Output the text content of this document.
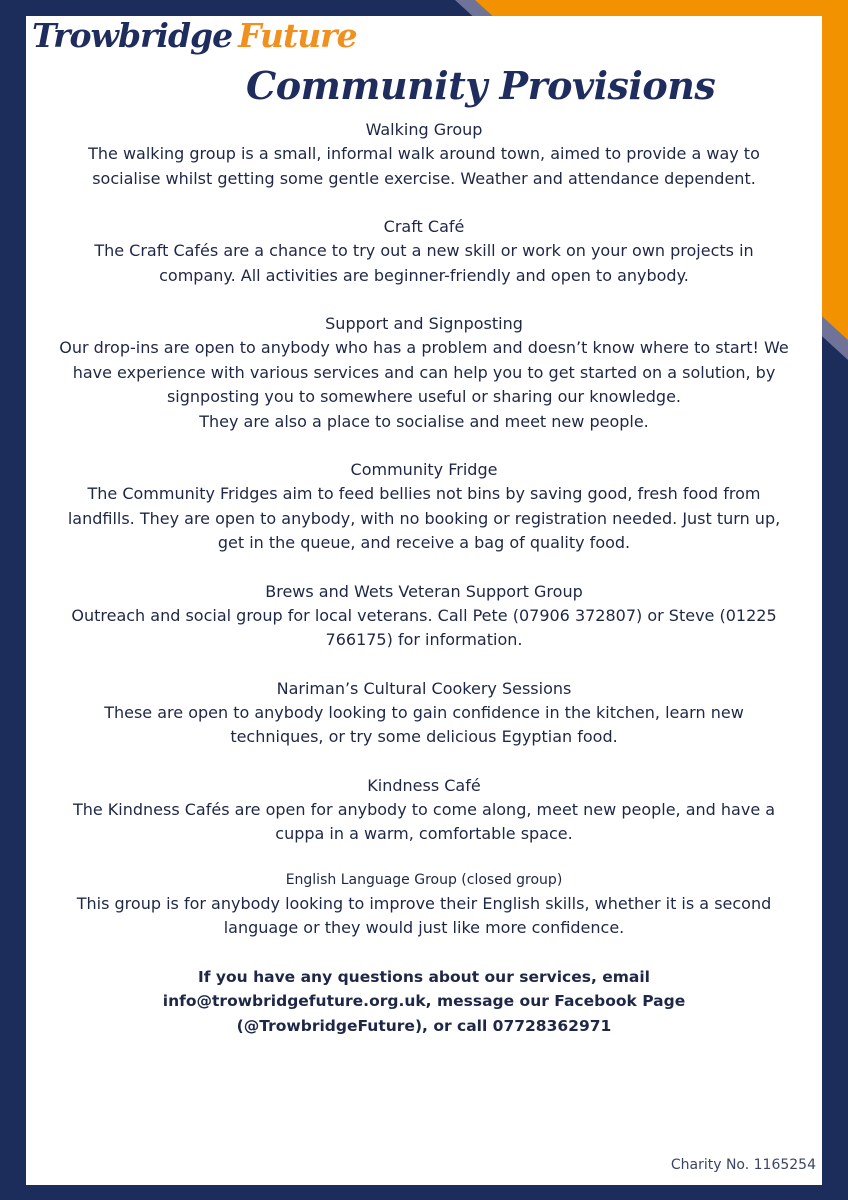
Trowbridge Future
Community Provisions
Walking Group
The walking group is a small, informal walk around town, aimed to provide a way to socialise whilst getting some gentle exercise. Weather and attendance dependent.
Craft Café
The Craft Cafés are a chance to try out a new skill or work on your own projects in company. All activities are beginner-friendly and open to anybody.
Support and Signposting
Our drop-ins are open to anybody who has a problem and doesn’t know where to start! We have experience with various services and can help you to get started on a solution, by signposting you to somewhere useful or sharing our knowledge.
They are also a place to socialise and meet new people.
Community Fridge
The Community Fridges aim to feed bellies not bins by saving good, fresh food from landfills. They are open to anybody, with no booking or registration needed. Just turn up, get in the queue, and receive a bag of quality food.
Brews and Wets Veteran Support Group
Outreach and social group for local veterans. Call Pete (07906 372807) or Steve (01225 766175) for information.
Nariman’s Cultural Cookery Sessions
These are open to anybody looking to gain confidence in the kitchen, learn new techniques, or try some delicious Egyptian food.
Kindness Café
The Kindness Cafés are open for anybody to come along, meet new people, and have a cuppa in a warm, comfortable space.
English Language Group (closed group)
This group is for anybody looking to improve their English skills, whether it is a second language or they would just like more confidence.
If you have any questions about our services, email
info@trowbridgefuture.org.uk, message our Facebook Page
(@TrowbridgeFuture), or call 07728362971
Charity No. 1165254
